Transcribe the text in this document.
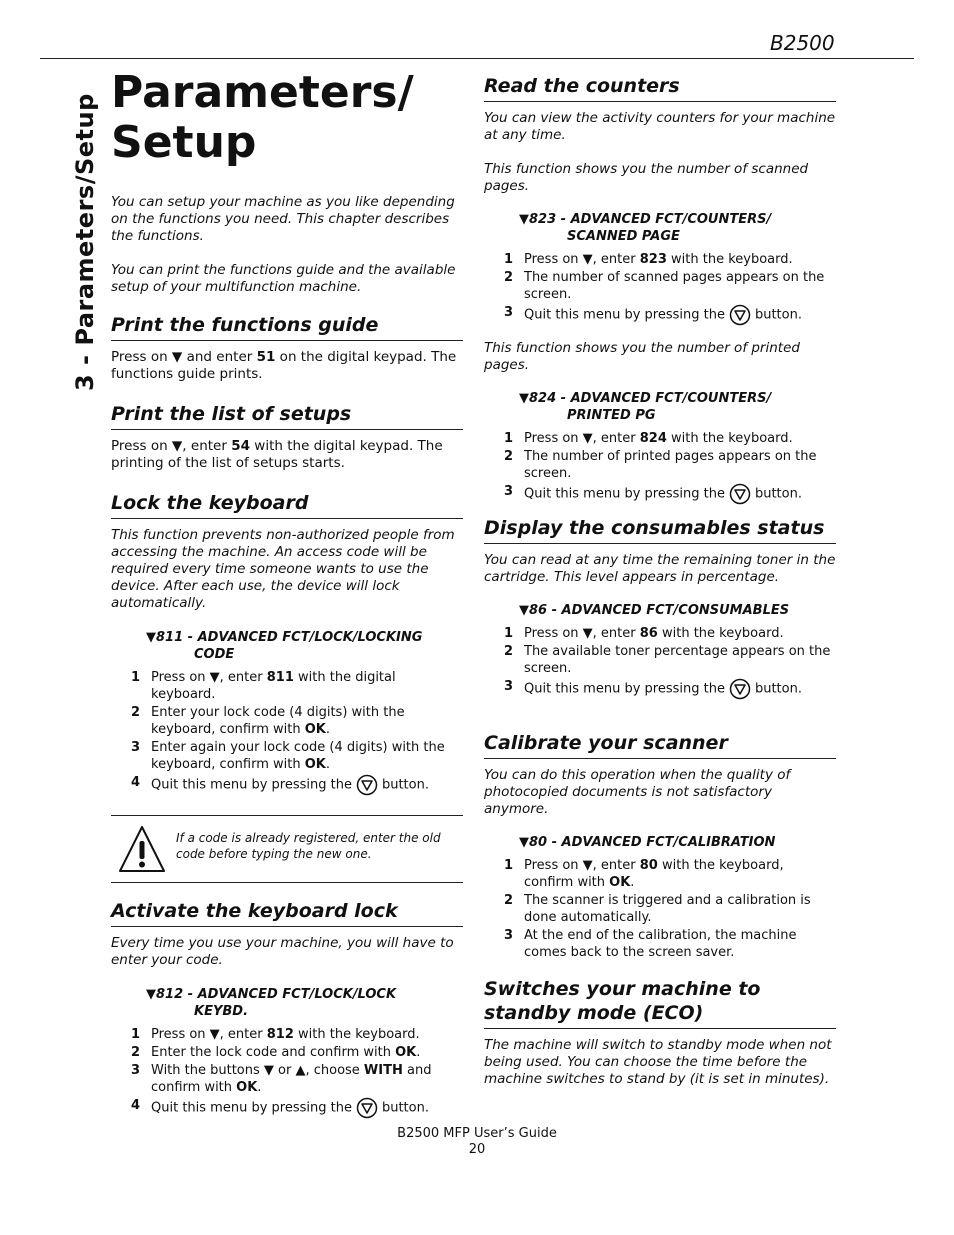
B2500
3 - Parameters/Setup
Parameters/
Setup

You can setup your machine as you like depending on the functions you need. This chapter describes the functions.

You can print the functions guide and the available setup of your multifunction machine.

Print the functions guide

Press on ▼ and enter 51 on the digital keypad. The functions guide prints.

Print the list of setups

Press on ▼, enter 54 with the digital keypad. The printing of the list of setups starts.

Lock the keyboard

This function prevents non-authorized people from accessing the machine. An access code will be required every time someone wants to use the device. After each use, the device will lock automatically.

▼811 - ADVANCED FCT/LOCK/LOCKING
CODE
1 Press on ▼, enter 811 with the digital keyboard.
2 Enter your lock code (4 digits) with the keyboard, confirm with OK.
3 Enter again your lock code (4 digits) with the keyboard, confirm with OK.
4 Quit this menu by pressing the button.

If a code is already registered, enter the old code before typing the new one.

Activate the keyboard lock

Every time you use your machine, you will have to enter your code.

▼812 - ADVANCED FCT/LOCK/LOCK
KEYBD.
1 Press on ▼, enter 812 with the keyboard.
2 Enter the lock code and confirm with OK.
3 With the buttons ▼ or ▲, choose WITH and confirm with OK.
4 Quit this menu by pressing the button.
Read the counters

You can view the activity counters for your machine at any time.

This function shows you the number of scanned pages.

▼823 - ADVANCED FCT/COUNTERS/
SCANNED PAGE
1 Press on ▼, enter 823 with the keyboard.
2 The number of scanned pages appears on the screen.
3 Quit this menu by pressing the button.

This function shows you the number of printed pages.

▼824 - ADVANCED FCT/COUNTERS/
PRINTED PG
1 Press on ▼, enter 824 with the keyboard.
2 The number of printed pages appears on the screen.
3 Quit this menu by pressing the button.
Display the consumables status

You can read at any time the remaining toner in the cartridge. This level appears in percentage.

▼86 - ADVANCED FCT/CONSUMABLES
1 Press on ▼, enter 86 with the keyboard.
2 The available toner percentage appears on the screen.
3 Quit this menu by pressing the button.
Calibrate your scanner

You can do this operation when the quality of photocopied documents is not satisfactory anymore.

▼80 - ADVANCED FCT/CALIBRATION
1 Press on ▼, enter 80 with the keyboard, confirm with OK.
2 The scanner is triggered and a calibration is done automatically.
3 At the end of the calibration, the machine comes back to the screen saver.
Switches your machine to standby mode (ECO)

The machine will switch to standby mode when not being used. You can choose the time before the machine switches to stand by (it is set in minutes).

B2500 MFP User’s Guide
20
